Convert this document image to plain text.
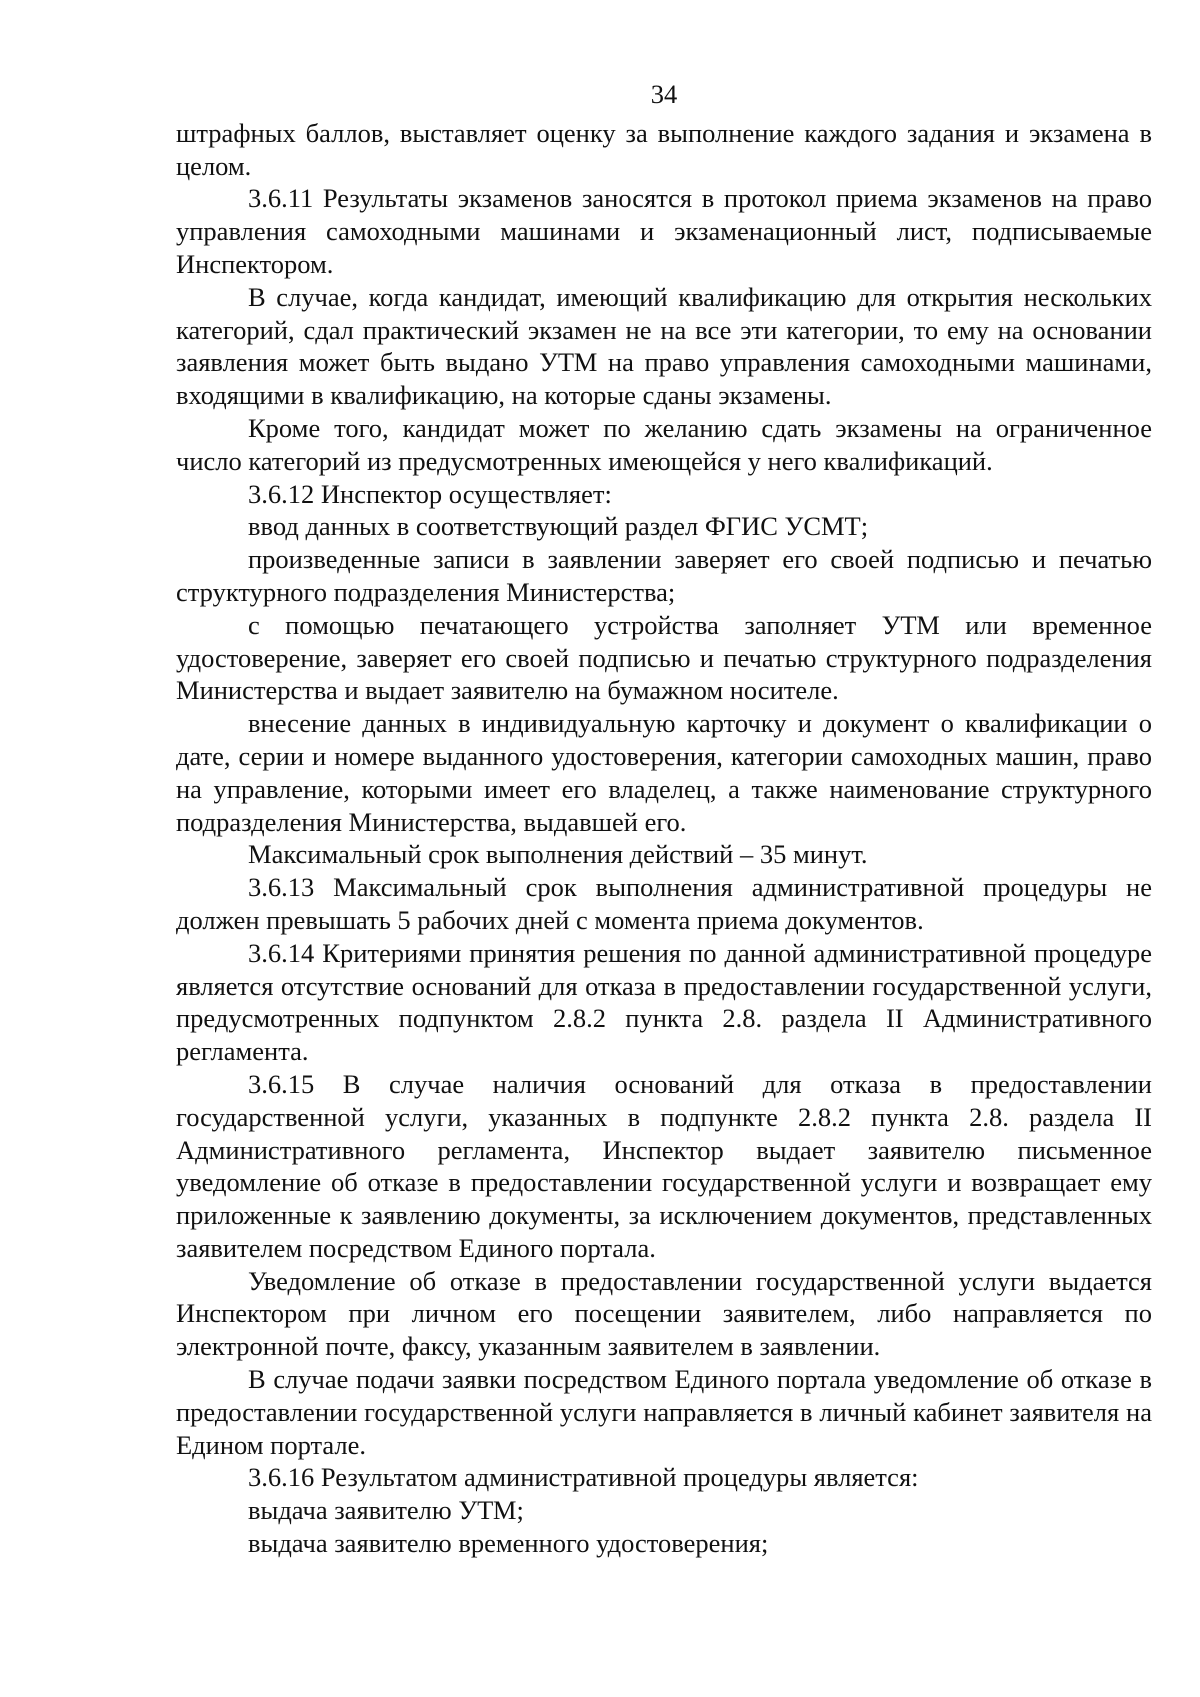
34

штрафных баллов, выставляет оценку за выполнение каждого задания и экзамена в целом.

3.6.11 Результаты экзаменов заносятся в протокол приема экзаменов на право управления самоходными машинами и экзаменационный лист, подписываемые Инспектором.

В случае, когда кандидат, имеющий квалификацию для открытия нескольких категорий, сдал практический экзамен не на все эти категории, то ему на основании заявления может быть выдано УТМ на право управления самоходными машинами, входящими в квалификацию, на которые сданы экзамены.

Кроме того, кандидат может по желанию сдать экзамены на ограниченное число категорий из предусмотренных имеющейся у него квалификаций.

3.6.12 Инспектор осуществляет:

ввод данных в соответствующий раздел ФГИС УСМТ;

произведенные записи в заявлении заверяет его своей подписью и печатью структурного подразделения Министерства;

с помощью печатающего устройства заполняет УТМ или временное удостоверение, заверяет его своей подписью и печатью структурного подразделения Министерства и выдает заявителю на бумажном носителе.

внесение данных в индивидуальную карточку и документ о квалификации о дате, серии и номере выданного удостоверения, категории самоходных машин, право на управление, которыми имеет его владелец, а также наименование структурного подразделения Министерства, выдавшей его.

Максимальный срок выполнения действий – 35 минут.

3.6.13 Максимальный срок выполнения административной процедуры не должен превышать 5 рабочих дней с момента приема документов.

3.6.14 Критериями принятия решения по данной административной процедуре является отсутствие оснований для отказа в предоставлении государственной услуги, предусмотренных подпунктом 2.8.2 пункта 2.8. раздела II Административного регламента.

3.6.15 В случае наличия оснований для отказа в предоставлении государственной услуги, указанных в подпункте 2.8.2 пункта 2.8. раздела II Административного регламента, Инспектор выдает заявителю письменное уведомление об отказе в предоставлении государственной услуги и возвращает ему приложенные к заявлению документы, за исключением документов, представленных заявителем посредством Единого портала.

Уведомление об отказе в предоставлении государственной услуги выдается Инспектором при личном его посещении заявителем, либо направляется по электронной почте, факсу, указанным заявителем в заявлении.

В случае подачи заявки посредством Единого портала уведомление об отказе в предоставлении государственной услуги направляется в личный кабинет заявителя на Едином портале.

3.6.16 Результатом административной процедуры является:

выдача заявителю УТМ;

выдача заявителю временного удостоверения;
